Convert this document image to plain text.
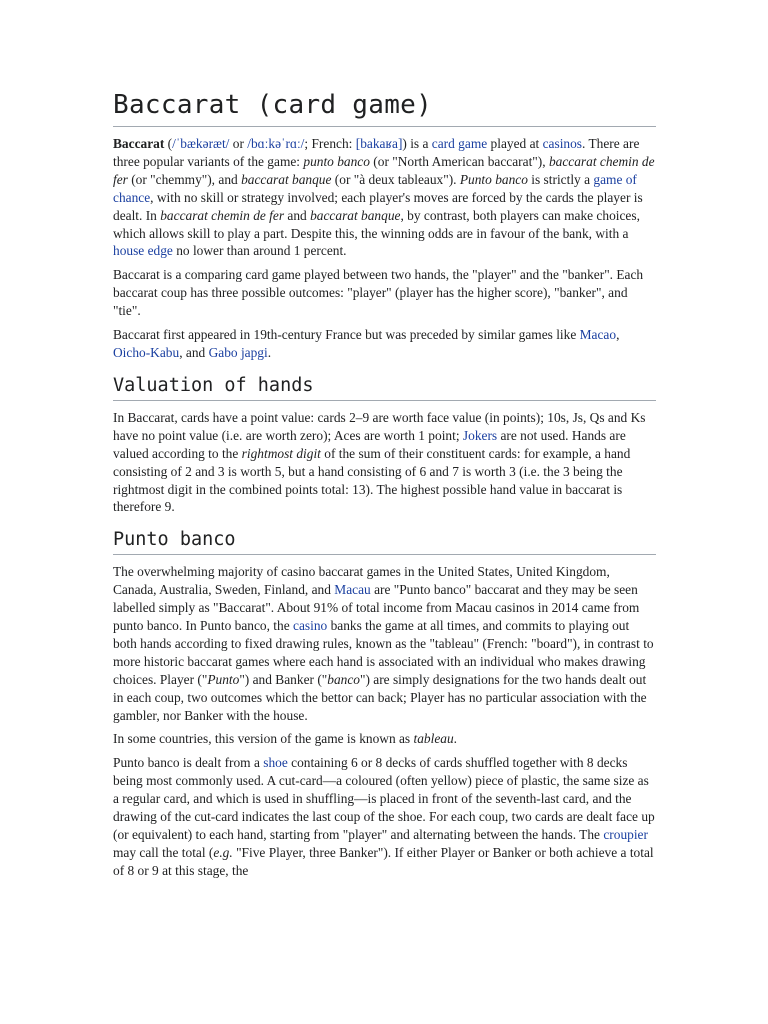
Baccarat (card game)

Baccarat (/ˈbækəræt/ or /bɑːkəˈrɑː/; French: [bakaʁa]) is a card game played at casinos. There are three popular variants of the game: punto banco (or "North American baccarat"), baccarat chemin de fer (or "chemmy"), and baccarat banque (or "à deux tableaux"). Punto banco is strictly a game of chance, with no skill or strategy involved; each player's moves are forced by the cards the player is dealt. In baccarat chemin de fer and baccarat banque, by contrast, both players can make choices, which allows skill to play a part. Despite this, the winning odds are in favour of the bank, with a house edge no lower than around 1 percent.

Baccarat is a comparing card game played between two hands, the "player" and the "banker". Each baccarat coup has three possible outcomes: "player" (player has the higher score), "banker", and "tie".

Baccarat first appeared in 19th-century France but was preceded by similar games like Macao, Oicho-Kabu, and Gabo japgi.

Valuation of hands

In Baccarat, cards have a point value: cards 2–9 are worth face value (in points); 10s, Js, Qs and Ks have no point value (i.e. are worth zero); Aces are worth 1 point; Jokers are not used. Hands are valued according to the rightmost digit of the sum of their constituent cards: for example, a hand consisting of 2 and 3 is worth 5, but a hand consisting of 6 and 7 is worth 3 (i.e. the 3 being the rightmost digit in the combined points total: 13). The highest possible hand value in baccarat is therefore 9.

Punto banco

The overwhelming majority of casino baccarat games in the United States, United Kingdom, Canada, Australia, Sweden, Finland, and Macau are "Punto banco" baccarat and they may be seen labelled simply as "Baccarat". About 91% of total income from Macau casinos in 2014 came from punto banco. In Punto banco, the casino banks the game at all times, and commits to playing out both hands according to fixed drawing rules, known as the "tableau" (French: "board"), in contrast to more historic baccarat games where each hand is associated with an individual who makes drawing choices. Player ("Punto") and Banker ("banco") are simply designations for the two hands dealt out in each coup, two outcomes which the bettor can back; Player has no particular association with the gambler, nor Banker with the house.

In some countries, this version of the game is known as tableau.

Punto banco is dealt from a shoe containing 6 or 8 decks of cards shuffled together with 8 decks being most commonly used. A cut-card—a coloured (often yellow) piece of plastic, the same size as a regular card, and which is used in shuffling—is placed in front of the seventh-last card, and the drawing of the cut-card indicates the last coup of the shoe. For each coup, two cards are dealt face up (or equivalent) to each hand, starting from "player" and alternating between the hands. The croupier may call the total (e.g. "Five Player, three Banker"). If either Player or Banker or both achieve a total of 8 or 9 at this stage, the
